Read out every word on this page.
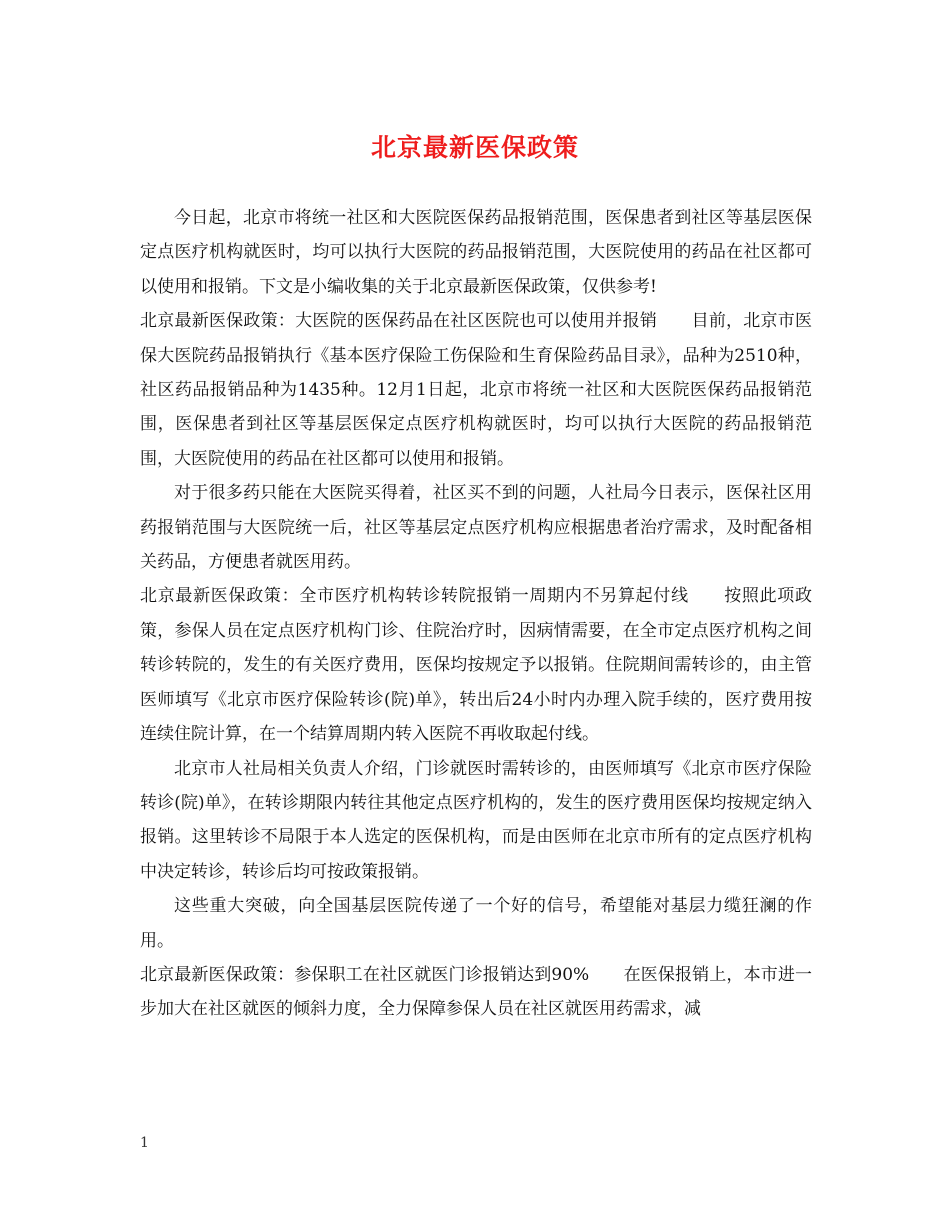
北京最新医保政策

今日起，北京市将统一社区和大医院医保药品报销范围，医保患者到社区等基层医保定点医疗机构就医时，均可以执行大医院的药品报销范围，大医院使用的药品在社区都可以使用和报销。下文是小编收集的关于北京最新医保政策，仅供参考!

北京最新医保政策：大医院的医保药品在社区医院也可以使用并报销　　目前，北京市医保大医院药品报销执行《基本医疗保险工伤保险和生育保险药品目录》，品种为2510种，社区药品报销品种为1435种。12月1日起，北京市将统一社区和大医院医保药品报销范围，医保患者到社区等基层医保定点医疗机构就医时，均可以执行大医院的药品报销范围，大医院使用的药品在社区都可以使用和报销。

对于很多药只能在大医院买得着，社区买不到的问题，人社局今日表示，医保社区用药报销范围与大医院统一后，社区等基层定点医疗机构应根据患者治疗需求，及时配备相关药品，方便患者就医用药。

北京最新医保政策：全市医疗机构转诊转院报销一周期内不另算起付线　　按照此项政策，参保人员在定点医疗机构门诊、住院治疗时，因病情需要，在全市定点医疗机构之间转诊转院的，发生的有关医疗费用，医保均按规定予以报销。住院期间需转诊的，由主管医师填写《北京市医疗保险转诊(院)单》，转出后24小时内办理入院手续的，医疗费用按连续住院计算，在一个结算周期内转入医院不再收取起付线。

北京市人社局相关负责人介绍，门诊就医时需转诊的，由医师填写《北京市医疗保险转诊(院)单》，在转诊期限内转往其他定点医疗机构的，发生的医疗费用医保均按规定纳入报销。这里转诊不局限于本人选定的医保机构，而是由医师在北京市所有的定点医疗机构中决定转诊，转诊后均可按政策报销。

这些重大突破，向全国基层医院传递了一个好的信号，希望能对基层力缆狂澜的作用。

北京最新医保政策：参保职工在社区就医门诊报销达到90%　　在医保报销上，本市进一步加大在社区就医的倾斜力度，全力保障参保人员在社区就医用药需求，减

1
